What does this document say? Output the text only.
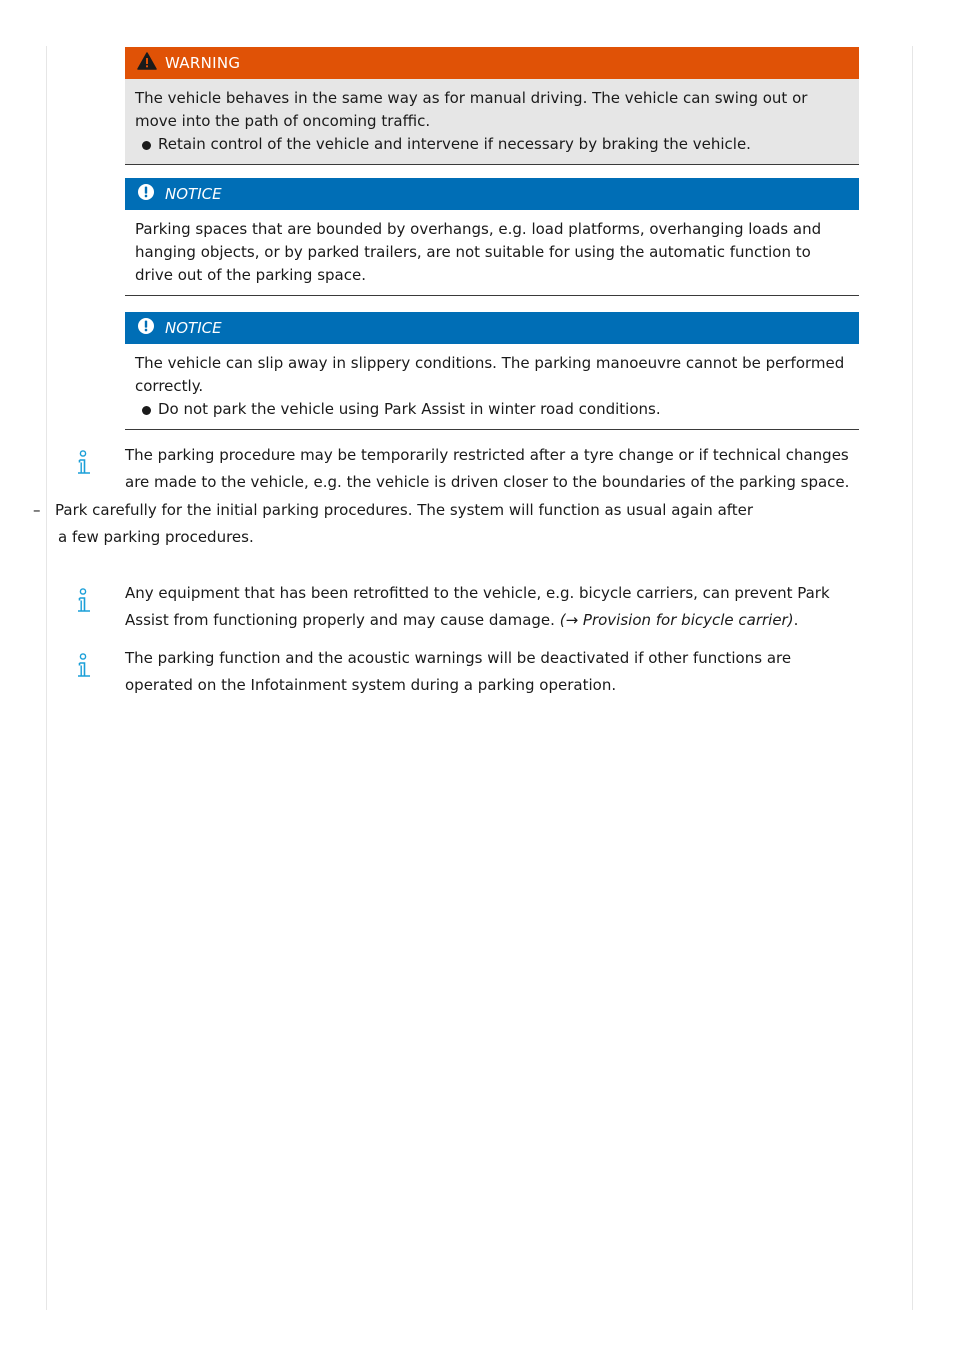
WARNING

The vehicle behaves in the same way as for manual driving. The vehicle can swing out or move into the path of oncoming traffic.

Retain control of the vehicle and intervene if necessary by braking the vehicle.
NOTICE

Parking spaces that are bounded by overhangs, e.g. load platforms, overhanging loads and hanging objects, or by parked trailers, are not suitable for using the automatic function to drive out of the parking space.

NOTICE

The vehicle can slip away in slippery conditions. The parking manoeuvre cannot be performed correctly.

Do not park the vehicle using Park Assist in winter road conditions.

The parking procedure may be temporarily restricted after a tyre change or if technical changes are made to the vehicle, e.g. the vehicle is driven closer to the boundaries of the parking space.

– Park carefully for the initial parking procedures. The system will function as usual again after
a few parking procedures.

Any equipment that has been retrofitted to the vehicle, e.g. bicycle carriers, can prevent Park Assist from functioning properly and may cause damage. (→ Provision for bicycle carrier).

The parking function and the acoustic warnings will be deactivated if other functions are operated on the Infotainment system during a parking operation.
